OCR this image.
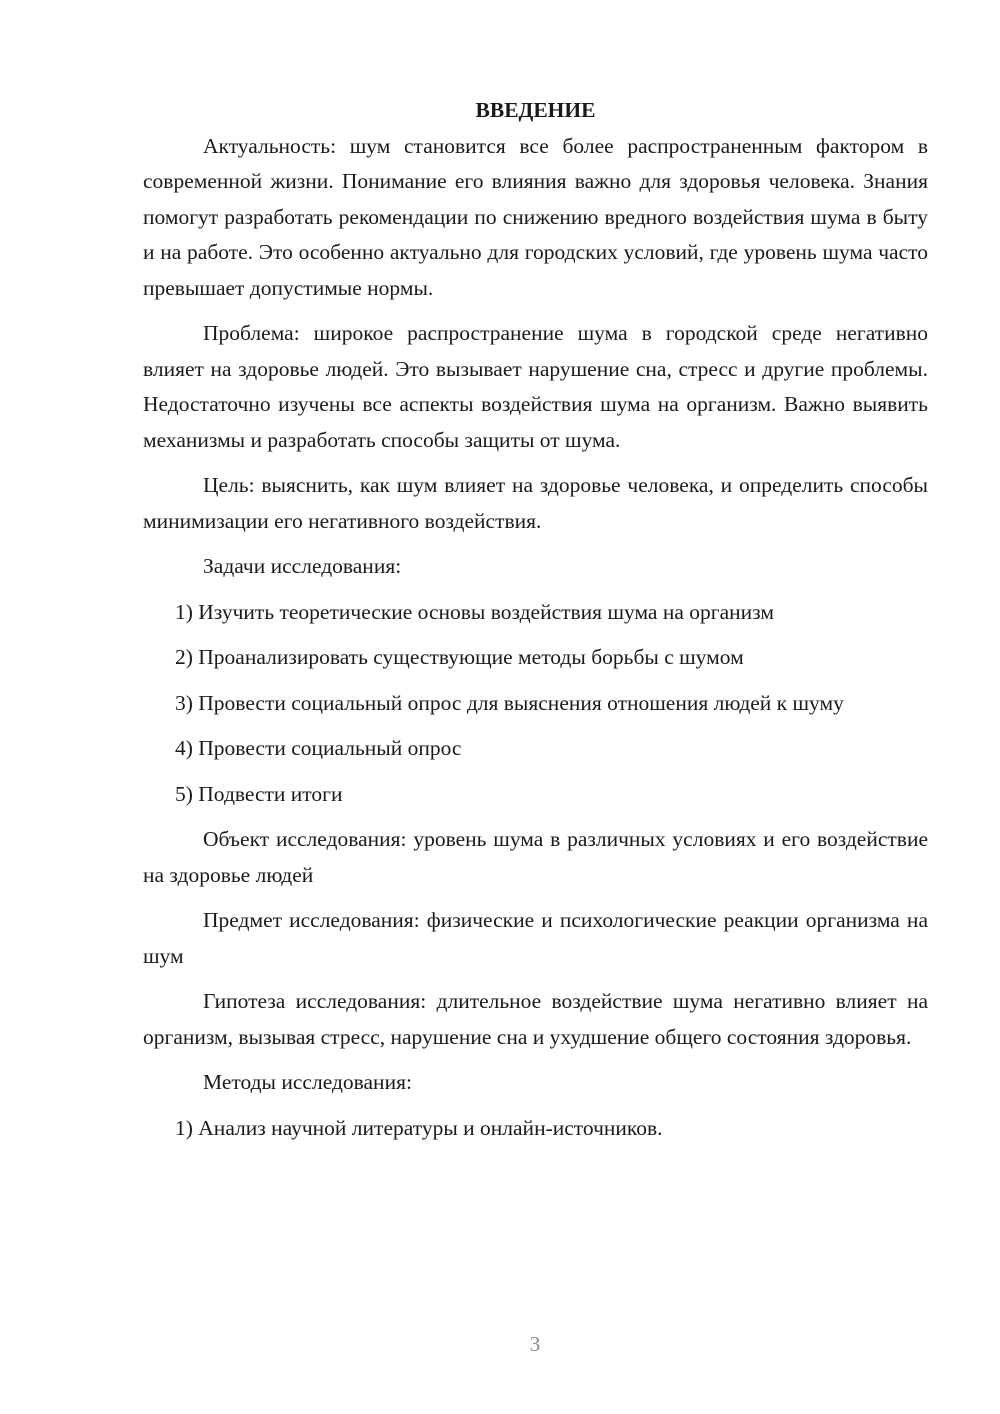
ВВЕДЕНИЕ

Актуальность: шум становится все более распространенным фактором в современной жизни. Понимание его влияния важно для здоровья человека. Знания помогут разработать рекомендации по снижению вредного воздействия шума в быту и на работе. Это особенно актуально для городских условий, где уровень шума часто превышает допустимые нормы.

Проблема: широкое распространение шума в городской среде негативно влияет на здоровье людей. Это вызывает нарушение сна, стресс и другие проблемы. Недостаточно изучены все аспекты воздействия шума на организм. Важно выявить механизмы и разработать способы защиты от шума.

Цель: выяснить, как шум влияет на здоровье человека, и определить способы минимизации его негативного воздействия.

Задачи исследования:

1) Изучить теоретические основы воздействия шума на организм

2) Проанализировать существующие методы борьбы с шумом

3) Провести социальный опрос для выяснения отношения людей к шуму

4) Провести социальный опрос

5) Подвести итоги

Объект исследования: уровень шума в различных условиях и его воздействие на здоровье людей

Предмет исследования: физические и психологические реакции организма на шум

Гипотеза исследования: длительное воздействие шума негативно влияет на организм, вызывая стресс, нарушение сна и ухудшение общего состояния здоровья.

Методы исследования:

1) Анализ научной литературы и онлайн-источников.

3
